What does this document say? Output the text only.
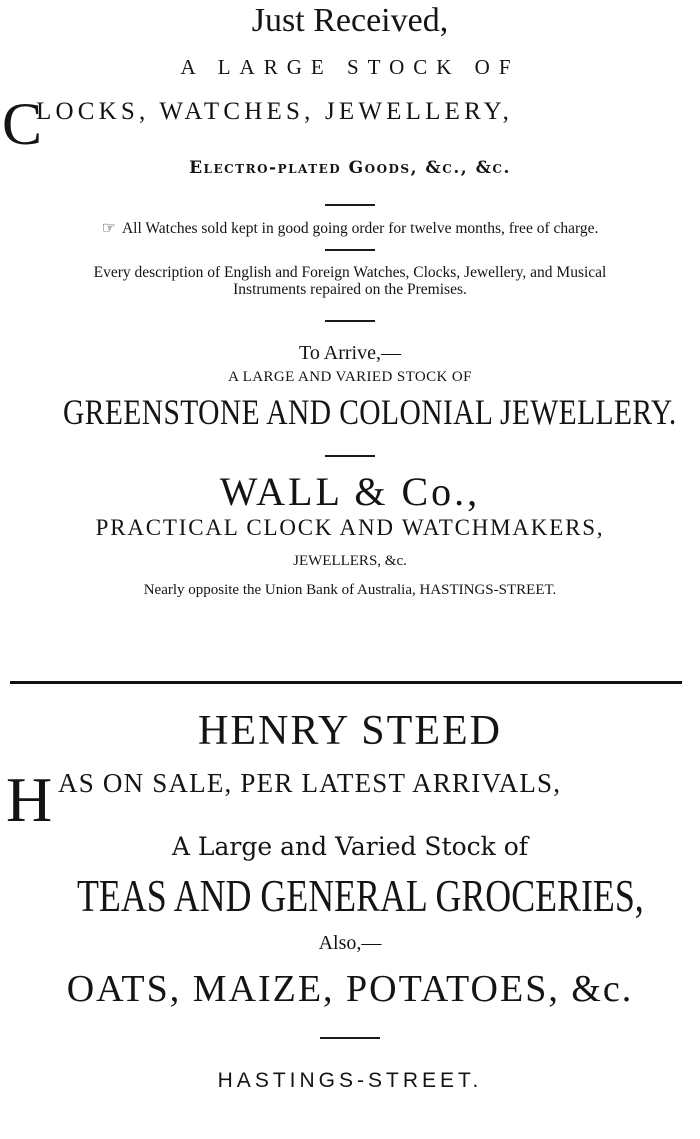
Just Received,
A LARGE STOCK OF
C
LOCKS, WATCHES, JEWELLERY,
Electro-plated Goods, &c., &c.
☞ All Watches sold kept in good going order for twelve months, free of charge.
Every description of English and Foreign Watches, Clocks, Jewellery, and Musical
Instruments repaired on the Premises.
To Arrive,—
A LARGE AND VARIED STOCK OF
GREENSTONE AND COLONIAL JEWELLERY.
WALL & Co.,
PRACTICAL CLOCK AND WATCHMAKERS,
JEWELLERS, &c.
Nearly opposite the Union Bank of Australia, HASTINGS-STREET.
HENRY STEED
H AS ON SALE, PER LATEST ARRIVALS,
A Large and Varied Stock of
TEAS AND GENERAL GROCERIES,
Also,—
OATS, MAIZE, POTATOES, &c.
HASTINGS-STREET.
